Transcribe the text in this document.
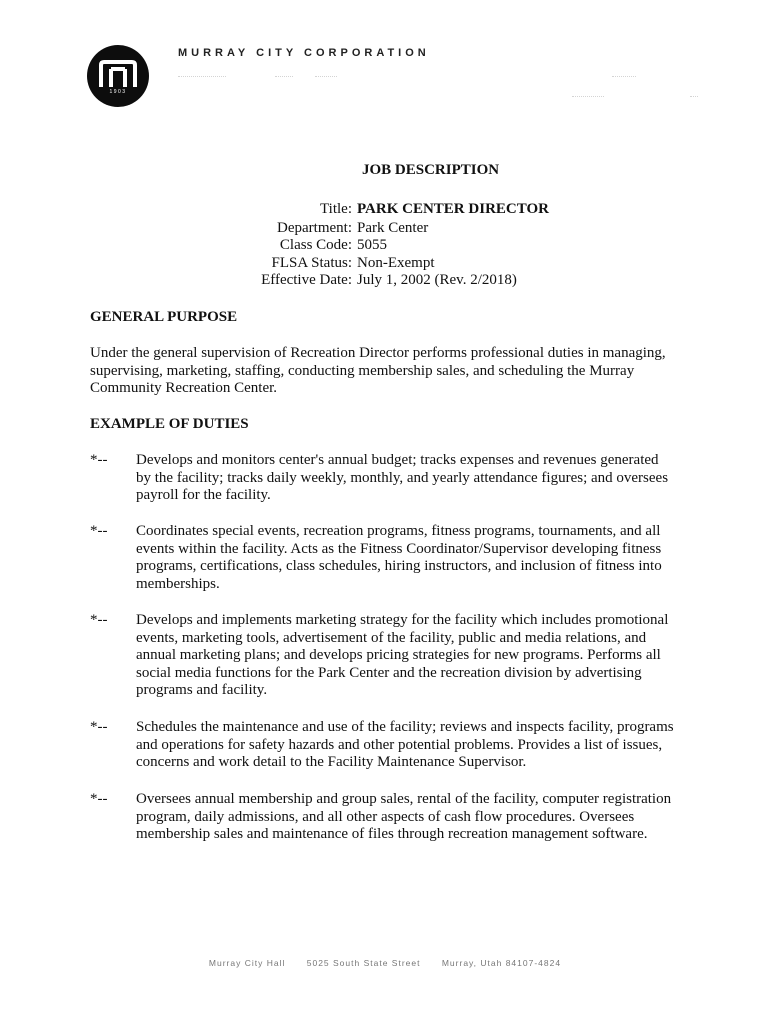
1903
MURRAY CITY CORPORATION
JOB DESCRIPTION
Title: PARK CENTER DIRECTOR
Department: Park Center
Class Code: 5055
FLSA Status: Non-Exempt
Effective Date: July 1, 2002 (Rev. 2/2018)
GENERAL PURPOSE
Under the general supervision of Recreation Director performs professional duties in managing,
supervising, marketing, staffing, conducting membership sales, and scheduling the Murray
Community Recreation Center.
EXAMPLE OF DUTIES
*--	Develops and monitors center's annual budget; tracks expenses and revenues generated
by the facility; tracks daily weekly, monthly, and yearly attendance figures; and oversees
payroll for the facility.
*--	Coordinates special events, recreation programs, fitness programs, tournaments, and all
events within the facility. Acts as the Fitness Coordinator/Supervisor developing fitness
programs, certifications, class schedules, hiring instructors, and inclusion of fitness into
memberships.
*--	Develops and implements marketing strategy for the facility which includes promotional
events, marketing tools, advertisement of the facility, public and media relations, and
annual marketing plans; and develops pricing strategies for new programs. Performs all
social media functions for the Park Center and the recreation division by advertising
programs and facility.
*--	Schedules the maintenance and use of the facility; reviews and inspects facility, programs
and operations for safety hazards and other potential problems. Provides a list of issues,
concerns and work detail to the Facility Maintenance Supervisor.
*--	Oversees annual membership and group sales, rental of the facility, computer registration
program, daily admissions, and all other aspects of cash flow procedures. Oversees
membership sales and maintenance of files through recreation management software.
Murray City Hall	5025 South State Street	Murray, Utah 84107-4824
